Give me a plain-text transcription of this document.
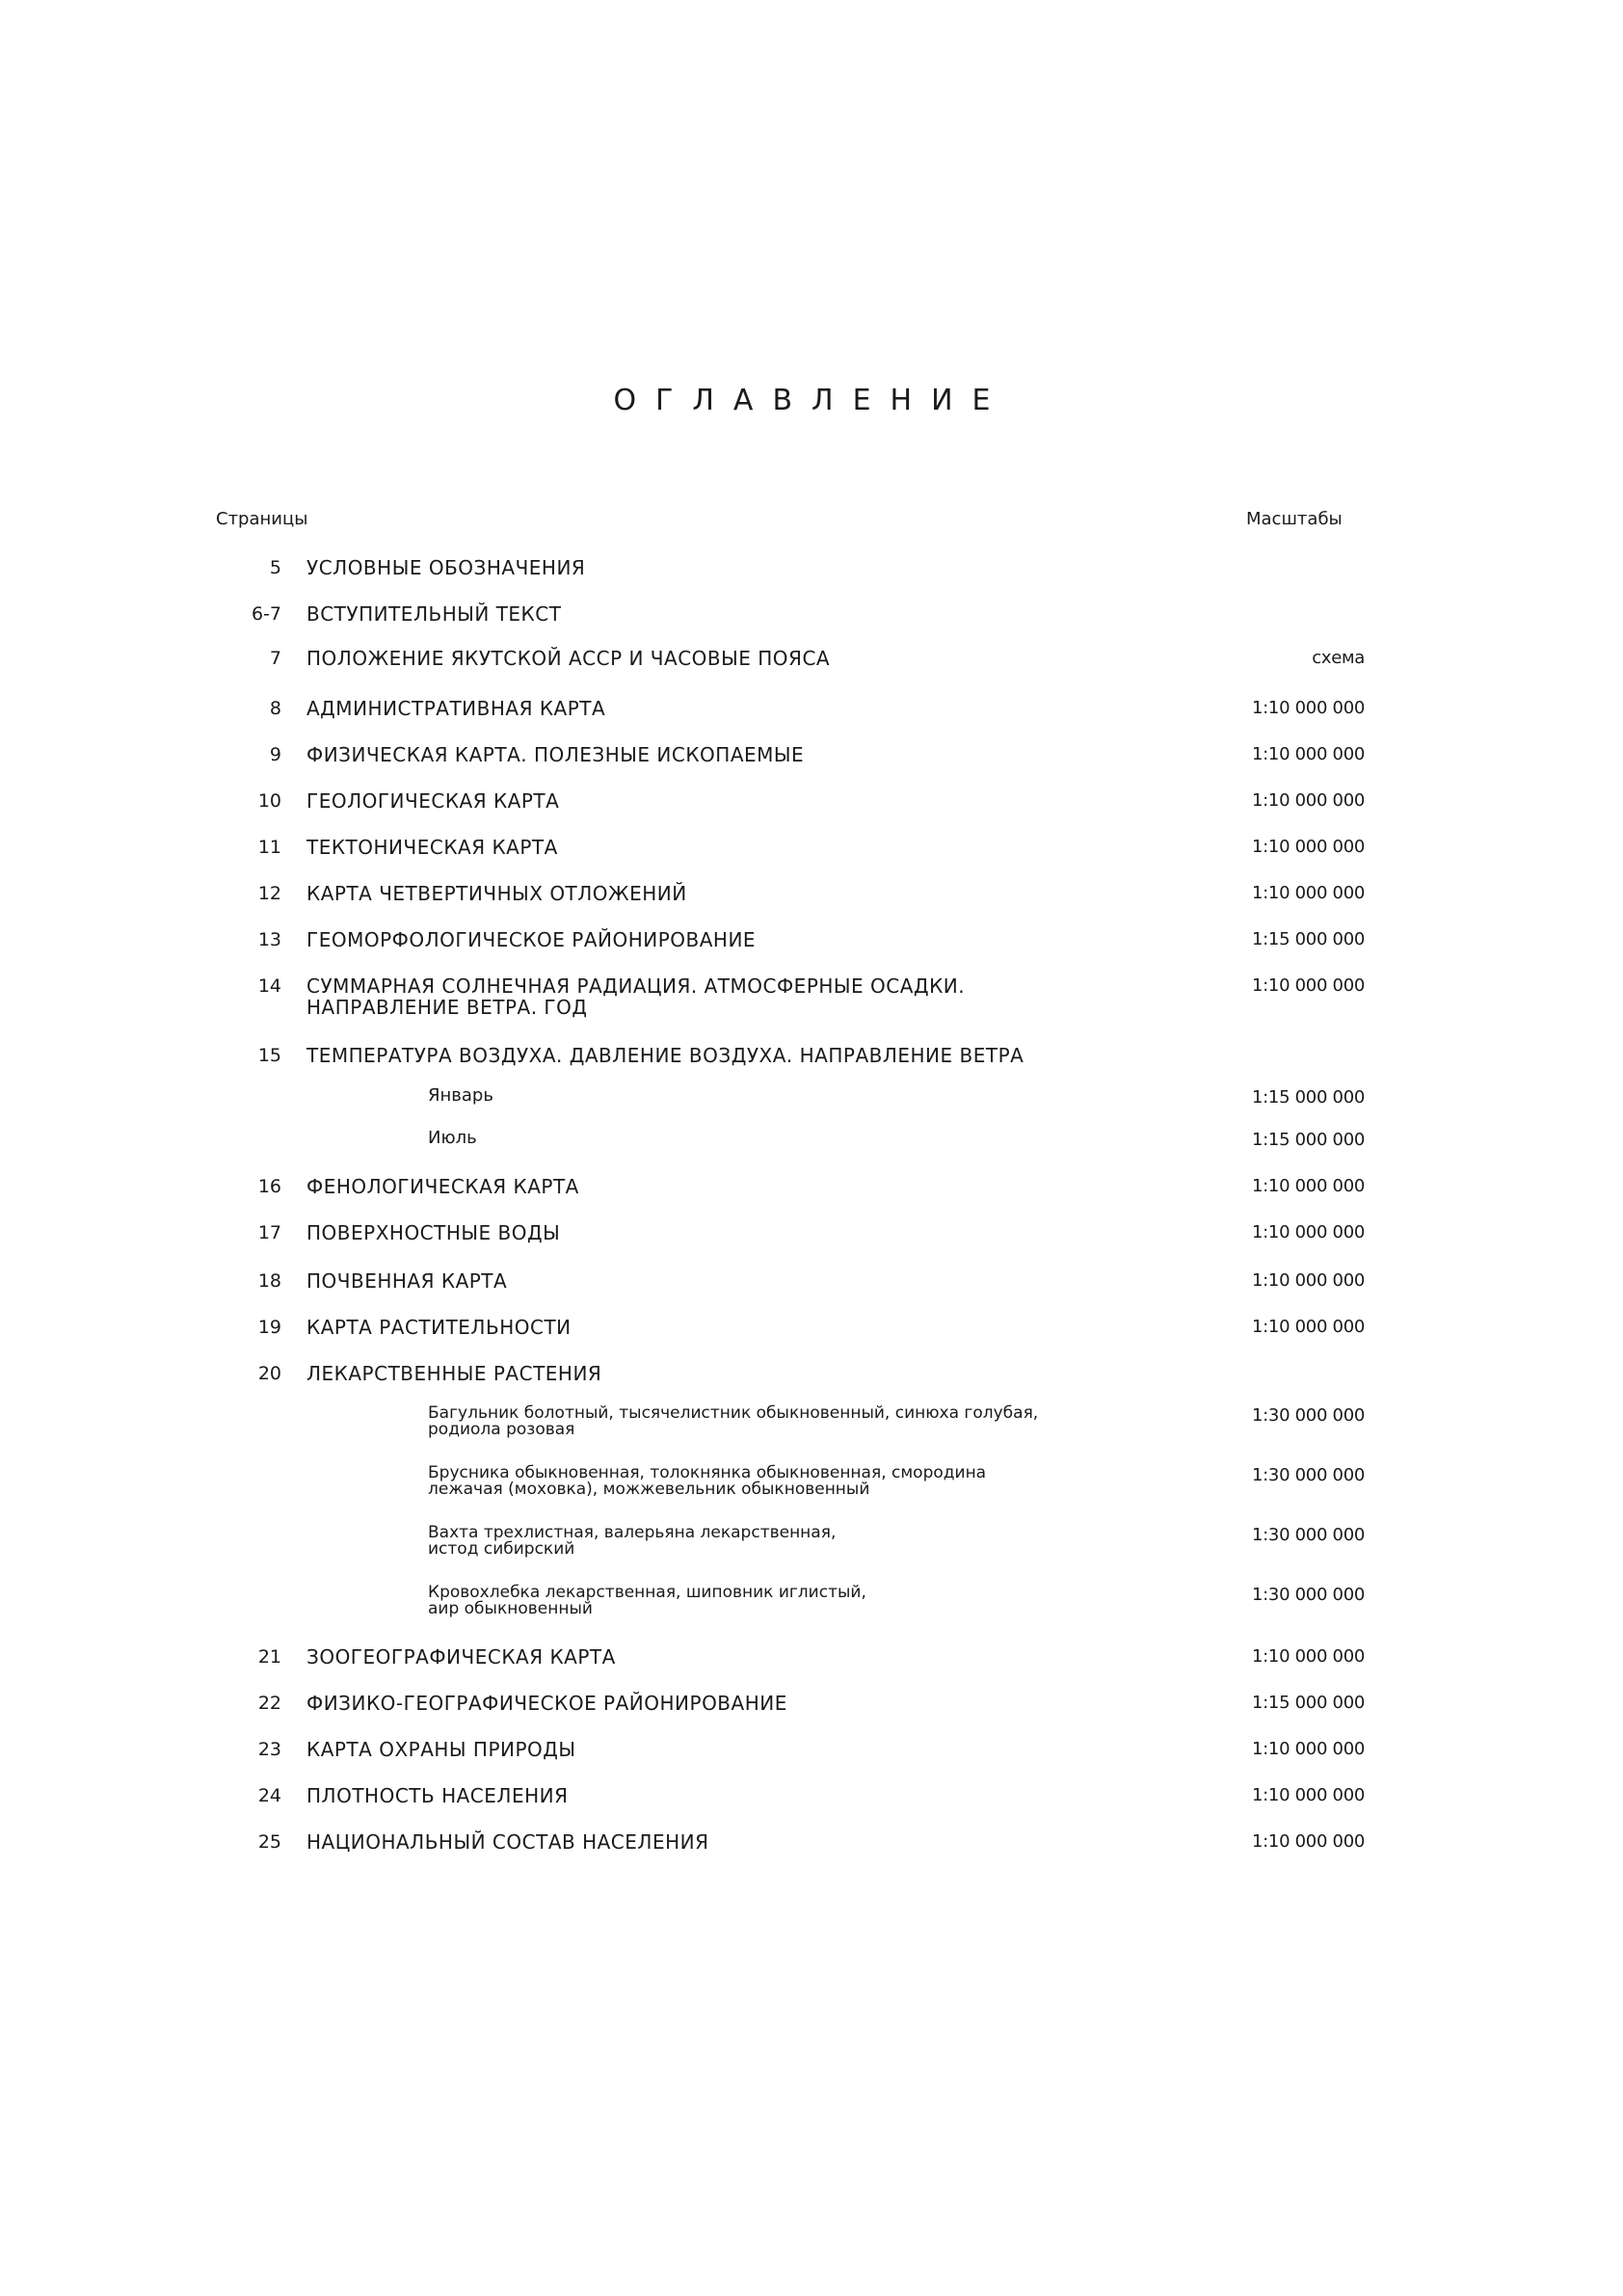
ОГЛАВЛЕНИЕ
Страницы	Масштабы
5 УСЛОВНЫЕ ОБОЗНАЧЕНИЯ
6-7 ВСТУПИТЕЛЬНЫЙ ТЕКСТ
7 ПОЛОЖЕНИЕ ЯКУТСКОЙ АССР И ЧАСОВЫЕ ПОЯСА	схема
8 АДМИНИСТРАТИВНАЯ КАРТА	1:10 000 000
9 ФИЗИЧЕСКАЯ КАРТА. ПОЛЕЗНЫЕ ИСКОПАЕМЫЕ	1:10 000 000
10 ГЕОЛОГИЧЕСКАЯ КАРТА	1:10 000 000
11 ТЕКТОНИЧЕСКАЯ КАРТА	1:10 000 000
12 КАРТА ЧЕТВЕРТИЧНЫХ ОТЛОЖЕНИЙ	1:10 000 000
13 ГЕОМОРФОЛОГИЧЕСКОЕ РАЙОНИРОВАНИЕ	1:15 000 000
14 СУММАРНАЯ СОЛНЕЧНАЯ РАДИАЦИЯ. АТМОСФЕРНЫЕ ОСАДКИ.
НАПРАВЛЕНИЕ ВЕТРА. ГОД
1:10 000 000
15 ТЕМПЕРАТУРА ВОЗДУХА. ДАВЛЕНИЕ ВОЗДУХА. НАПРАВЛЕНИЕ ВЕТРА
Январь	1:15 000 000
Июль	1:15 000 000
16 ФЕНОЛОГИЧЕСКАЯ КАРТА	1:10 000 000
17 ПОВЕРХНОСТНЫЕ ВОДЫ	1:10 000 000
18 ПОЧВЕННАЯ КАРТА	1:10 000 000
19 КАРТА РАСТИТЕЛЬНОСТИ	1:10 000 000
20 ЛЕКАРСТВЕННЫЕ РАСТЕНИЯ
Багульник болотный, тысячелистник обыкновенный, синюха голубая,
родиола розовая
1:30 000 000
Брусника обыкновенная, толокнянка обыкновенная, смородина
лежачая (моховка), можжевельник обыкновенный
1:30 000 000
Вахта трехлистная, валерьяна лекарственная,
истод сибирский
1:30 000 000
Кровохлебка лекарственная, шиповник иглистый,
аир обыкновенный
1:30 000 000
21 ЗООГЕОГРАФИЧЕСКАЯ КАРТА	1:10 000 000
22 ФИЗИКО-ГЕОГРАФИЧЕСКОЕ РАЙОНИРОВАНИЕ	1:15 000 000
23 КАРТА ОХРАНЫ ПРИРОДЫ	1:10 000 000
24 ПЛОТНОСТЬ НАСЕЛЕНИЯ	1:10 000 000
25 НАЦИОНАЛЬНЫЙ СОСТАВ НАСЕЛЕНИЯ	1:10 000 000
